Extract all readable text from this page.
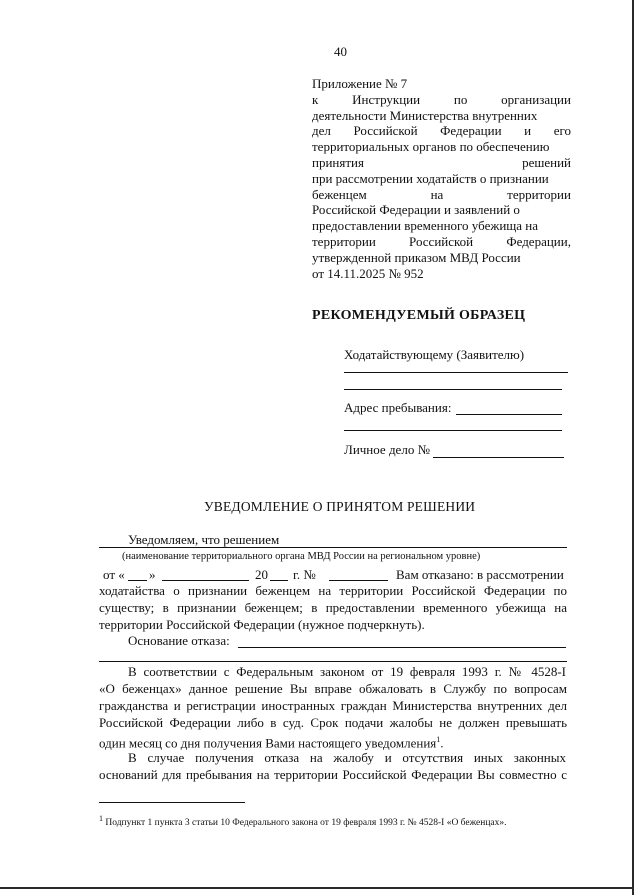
40
Приложение № 7
к	Инструкции	по	организации
деятельности Министерства внутренних
дел Российской Федерации и его
территориальных органов по обеспечению
принятия	решений
при рассмотрении ходатайств о признании
беженцем	на	территории
Российской Федерации и заявлений о
предоставлении временного убежища на
территории	Российской	Федерации,
утвержденной приказом МВД России
от 14.11.2025 № 952
РЕКОМЕНДУЕМЫЙ ОБРАЗЕЦ
Ходатайствующему (Заявителю)
Адрес пребывания:
Личное дело №
УВЕДОМЛЕНИЕ О ПРИНЯТОМ РЕШЕНИИ
Уведомляем, что решением
(наименование территориального органа МВД России на региональном уровне)
от « »	20 г. №	Вам отказано: в рассмотрении
ходатайства о признании беженцем на территории Российской Федерации по
существу; в признании беженцем; в предоставлении временного убежища на
территории Российской Федерации (нужное подчеркнуть).
Основание отказа:
В соответствии с Федеральным законом от 19 февраля 1993 г. № 4528-I
«О беженцах» данное решение Вы вправе обжаловать в Службу по вопросам
гражданства и регистрации иностранных граждан Министерства внутренних дел
Российской Федерации либо в суд. Срок подачи жалобы не должен превышать
один месяц со дня получения Вами настоящего уведомления$^1$.
В случае получения отказа на жалобу и отсутствия иных законных
оснований для пребывания на территории Российской Федерации Вы совместно с
$^1$ Подпункт 1 пункта 3 статьи 10 Федерального закона от 19 февраля 1993 г. № 4528-I «О беженцах».
